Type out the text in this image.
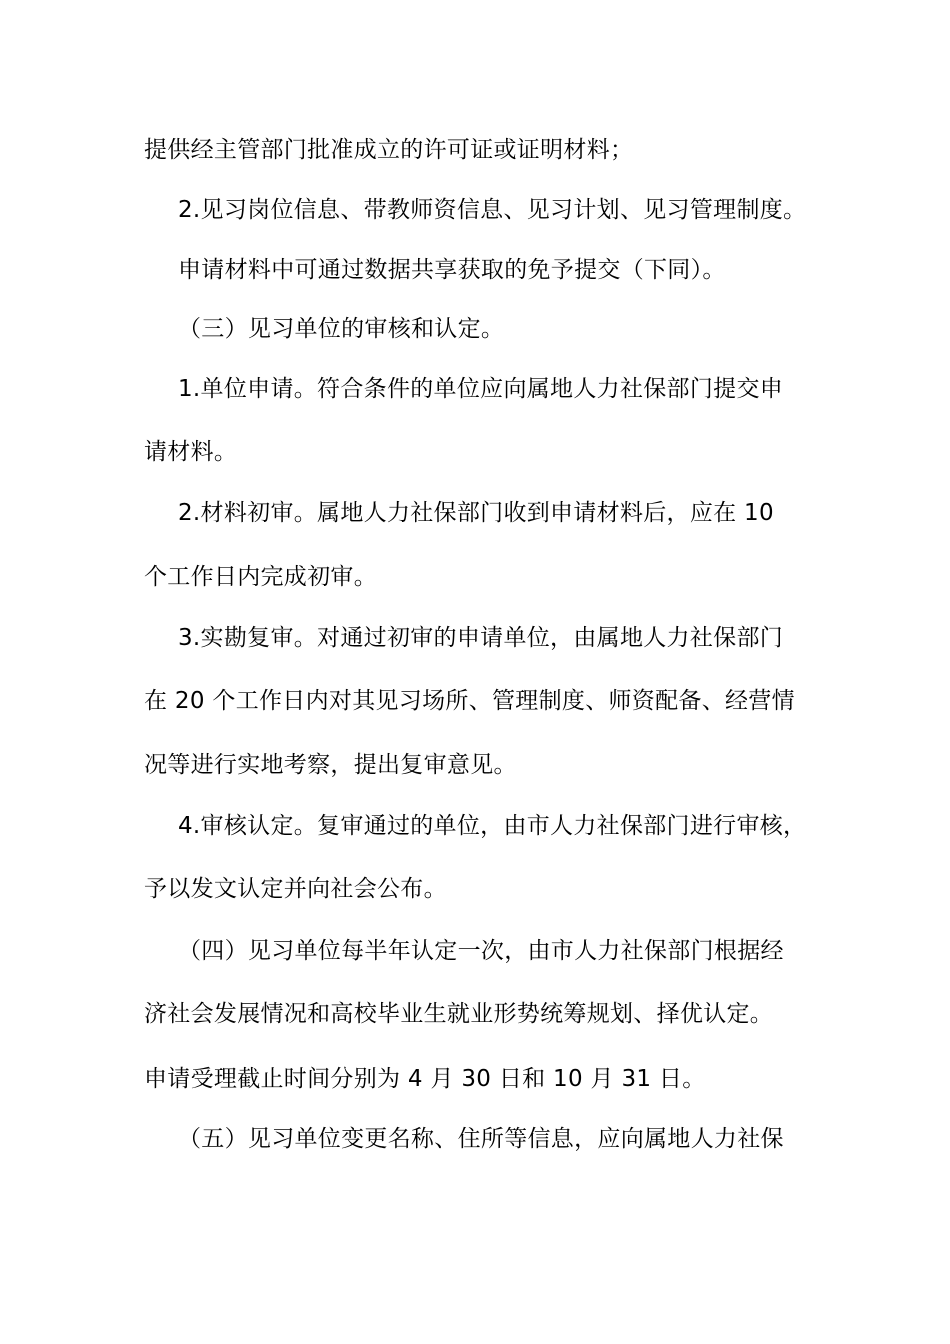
提供经主管部门批准成立的许可证或证明材料；
2.见习岗位信息、带教师资信息、见习计划、见习管理制度。
申请材料中可通过数据共享获取的免予提交（下同）。
（三）见习单位的审核和认定。
1.单位申请。符合条件的单位应向属地人力社保部门提交申
请材料。
2.材料初审。属地人力社保部门收到申请材料后，应在 10
个工作日内完成初审。
3.实勘复审。对通过初审的申请单位，由属地人力社保部门
在 20 个工作日内对其见习场所、管理制度、师资配备、经营情
况等进行实地考察，提出复审意见。
4.审核认定。复审通过的单位，由市人力社保部门进行审核，
予以发文认定并向社会公布。
（四）见习单位每半年认定一次，由市人力社保部门根据经
济社会发展情况和高校毕业生就业形势统筹规划、择优认定。
申请受理截止时间分别为 4 月 30 日和 10 月 31 日。
（五）见习单位变更名称、住所等信息，应向属地人力社保
